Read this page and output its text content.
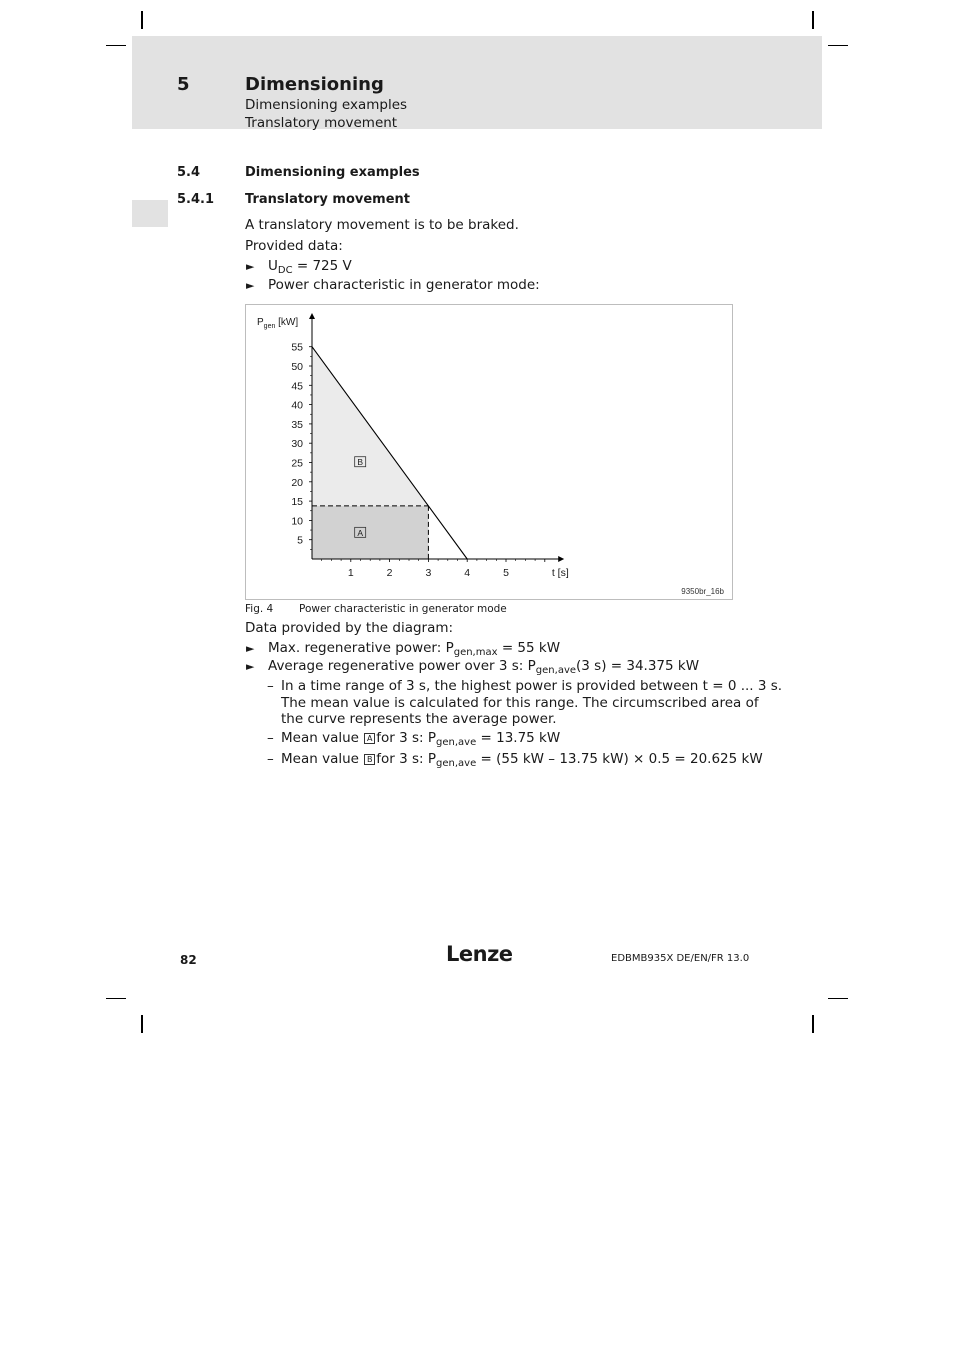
5	Dimensioning
Dimensioning examples
Translatory movement
5.4	Dimensioning examples
5.4.1 Translatory movement
A translatory movement is to be braked.
Provided data:
► $U_{DC} = 725$ V
► Power characteristic in generator mode:
5
10
15
20
25
30
35
40
45
50
55
1	2	3	4	5
$P_{gen}$ [kW]
t [s]
B
A
9350br_16b
Fig. 4 Power characteristic in generator mode
Data provided by the diagram:
► Max. regenerative power: $P_{gen,max} = 55$ kW
► Average regenerative power over 3 s: $P_{gen,ave}(3$ s) = 34.375 kW
– In a time range of 3 s, the highest power is provided between t = 0 ... 3 s.
The mean value is calculated for this range. The circumscribed area of
the curve represents the average power.
– Mean value A for 3 s: $P_{gen,ave} = 13.75$ kW
– Mean value B for 3 s: $P_{gen,ave} = (55$ kW – 13.75 kW) × 0.5 = 20.625 kW
82	Lenze	EDBMB935X DE/EN/FR 13.0
